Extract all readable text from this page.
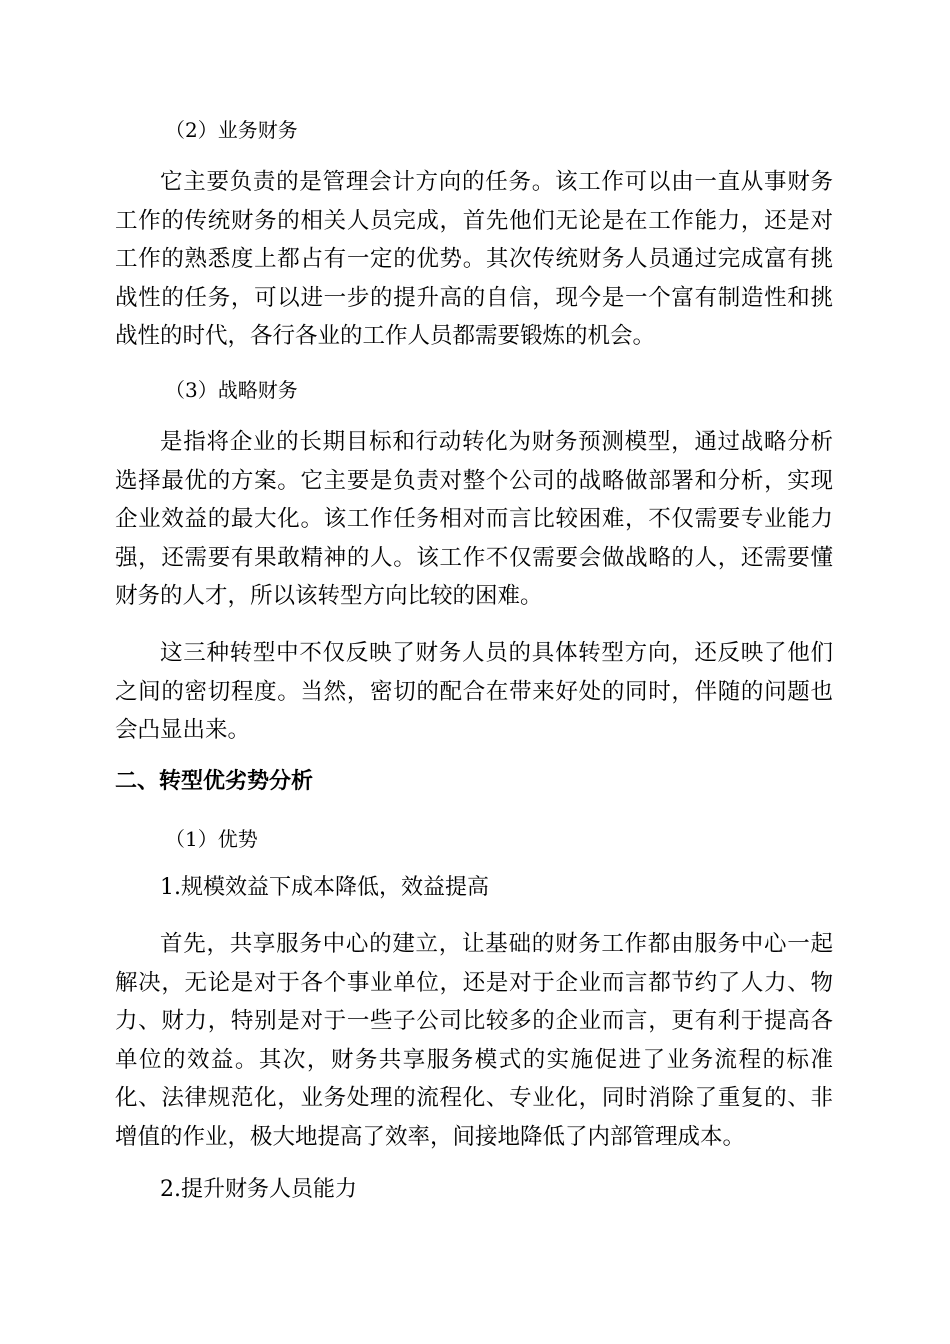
（2）业务财务

它主要负责的是管理会计方向的任务。该工作可以由一直从事财务工作的传统财务的相关人员完成，首先他们无论是在工作能力，还是对工作的熟悉度上都占有一定的优势。其次传统财务人员通过完成富有挑战性的任务，可以进一步的提升高的自信，现今是一个富有制造性和挑战性的时代，各行各业的工作人员都需要锻炼的机会。

（3）战略财务

是指将企业的长期目标和行动转化为财务预测模型，通过战略分析选择最优的方案。它主要是负责对整个公司的战略做部署和分析，实现企业效益的最大化。该工作任务相对而言比较困难，不仅需要专业能力强，还需要有果敢精神的人。该工作不仅需要会做战略的人，还需要懂财务的人才，所以该转型方向比较的困难。

这三种转型中不仅反映了财务人员的具体转型方向，还反映了他们之间的密切程度。当然，密切的配合在带来好处的同时，伴随的问题也会凸显出来。

二、转型优劣势分析

（1）优势

1.规模效益下成本降低，效益提高

首先，共享服务中心的建立，让基础的财务工作都由服务中心一起解决，无论是对于各个事业单位，还是对于企业而言都节约了人力、物力、财力，特别是对于一些子公司比较多的企业而言，更有利于提高各单位的效益。其次，财务共享服务模式的实施促进了业务流程的标准化、法律规范化，业务处理的流程化、专业化，同时消除了重复的、非增值的作业，极大地提高了效率，间接地降低了内部管理成本。

2.提升财务人员能力
